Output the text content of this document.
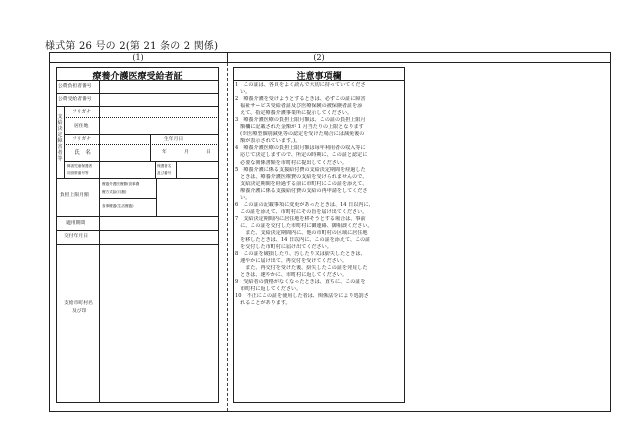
様式第 26 号の 2(第 21 条の 2 関係)
(1)	(2)
療養介護医療受給者証
公費負担者番号
公費受給者番号
支
給
決
定
障
害
者
等
フリガナ
居住地
フリガナ	生年月日
氏　名	年	月	日
障害児童保護者
同世帯番号等
保護者名
及び番号
負担上限月額
療養介護医療費(食事費
療方式給(月額)
食事療養(生活療養)
適用期間
交付年月日
支給市町村名
及び印
注意事項欄
1　この証は、各頁をよく読んで大切に持っていてくださ
　い。
2　療養介護を受けようとするときは、必ずこの証に障害
　福祉サービス受給者証及び医療保険の被保険者証を添
　えて、指定療養介護事業所に提示してください。
3　療養介護医療の負担上限月額は、この証の負担上限月
　額欄に記載された金額が 1 月当たりの上限となります
　(※医療型個別減免等の認定を受けた場合には減免後の
　額が表示されています。)。
4　療養介護医療の負担上限月額は毎年利用者の収入等に
　応じて決定しますので、所定の時期に、この証と認定に
　必要な関係書類を市町村に提出してください。
5　療養介護に係る支援給付費の支給決定期間を経過した
　ときは、療養介護医療費の支給を受けられませんので、
　支給決定期間を経過する前に市町村にこの証を添えて、
　療養介護に係る支援給付費の支給の再申請をしてくださ
　い。
6　この証の記載事項に変更があったときは、14 日以内に、
　この証を添えて、市町村にその旨を届け出てください。
7　支給決定期間内に居住地を移そうとする場合は、事前
　に、この証を交付した市町村に御連絡、御相談ください。
　　また、支給決定期間内に、他の市町村の区域に居住地
　を移したときは、14 日以内に、この証を添えて、この証
　を交付した市町村に届け出てください。
8　この証を破損したり、汚したり又は紛失したときは、
　速やかに届け出て、再交付を受けてください。
　　また、再交付を受けた後、紛失したこの証を発見した
　ときは、速やかに、市町村に返してください。
9　受給者の資格がなくなったときは、直ちに、この証を
　市町村に返してください。
10　不正にこの証を使用した者は、関係法令により処罰さ
　れることがあります。
